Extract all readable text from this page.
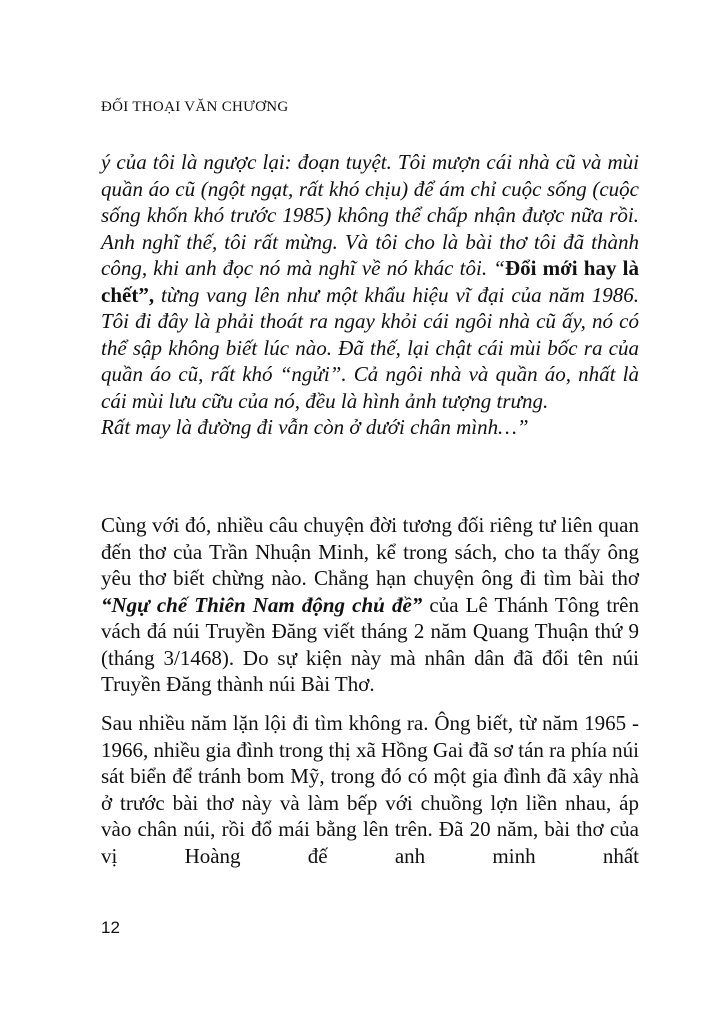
ĐỐI THOẠI VĂN CHƯƠNG

ý của tôi là ngược lại: đoạn tuyệt. Tôi mượn cái nhà cũ và mùi quần áo cũ (ngột ngạt, rất khó chịu) để ám chỉ cuộc sống (cuộc sống khốn khó trước 1985) không thể chấp nhận được nữa rồi. Anh nghĩ thế, tôi rất mừng. Và tôi cho là bài thơ tôi đã thành công, khi anh đọc nó mà nghĩ về nó khác tôi. “Đổi mới hay là chết”, từng vang lên như một khẩu hiệu vĩ đại của năm 1986. Tôi đi đây là phải thoát ra ngay khỏi cái ngôi nhà cũ ấy, nó có thể sập không biết lúc nào. Đã thế, lại chật cái mùi bốc ra của quần áo cũ, rất khó “ngửi”. Cả ngôi nhà và quần áo, nhất là cái mùi lưu cữu của nó, đều là hình ảnh tượng trưng.

Rất may là đường đi vẫn còn ở dưới chân mình…”

Cùng với đó, nhiều câu chuyện đời tương đối riêng tư liên quan đến thơ của Trần Nhuận Minh, kể trong sách, cho ta thấy ông yêu thơ biết chừng nào. Chẳng hạn chuyện ông đi tìm bài thơ “Ngự chế Thiên Nam động chủ đề” của Lê Thánh Tông trên vách đá núi Truyền Đăng viết tháng 2 năm Quang Thuận thứ 9 (tháng 3/1468). Do sự kiện này mà nhân dân đã đổi tên núi Truyền Đăng thành núi Bài Thơ.

Sau nhiều năm lặn lội đi tìm không ra. Ông biết, từ năm 1965 - 1966, nhiều gia đình trong thị xã Hồng Gai đã sơ tán ra phía núi sát biển để tránh bom Mỹ, trong đó có một gia đình đã xây nhà ở trước bài thơ này và làm bếp với chuồng lợn liền nhau, áp vào chân núi, rồi đổ mái bằng lên trên. Đã 20 năm, bài thơ của vị Hoàng đế anh minh nhất

12
